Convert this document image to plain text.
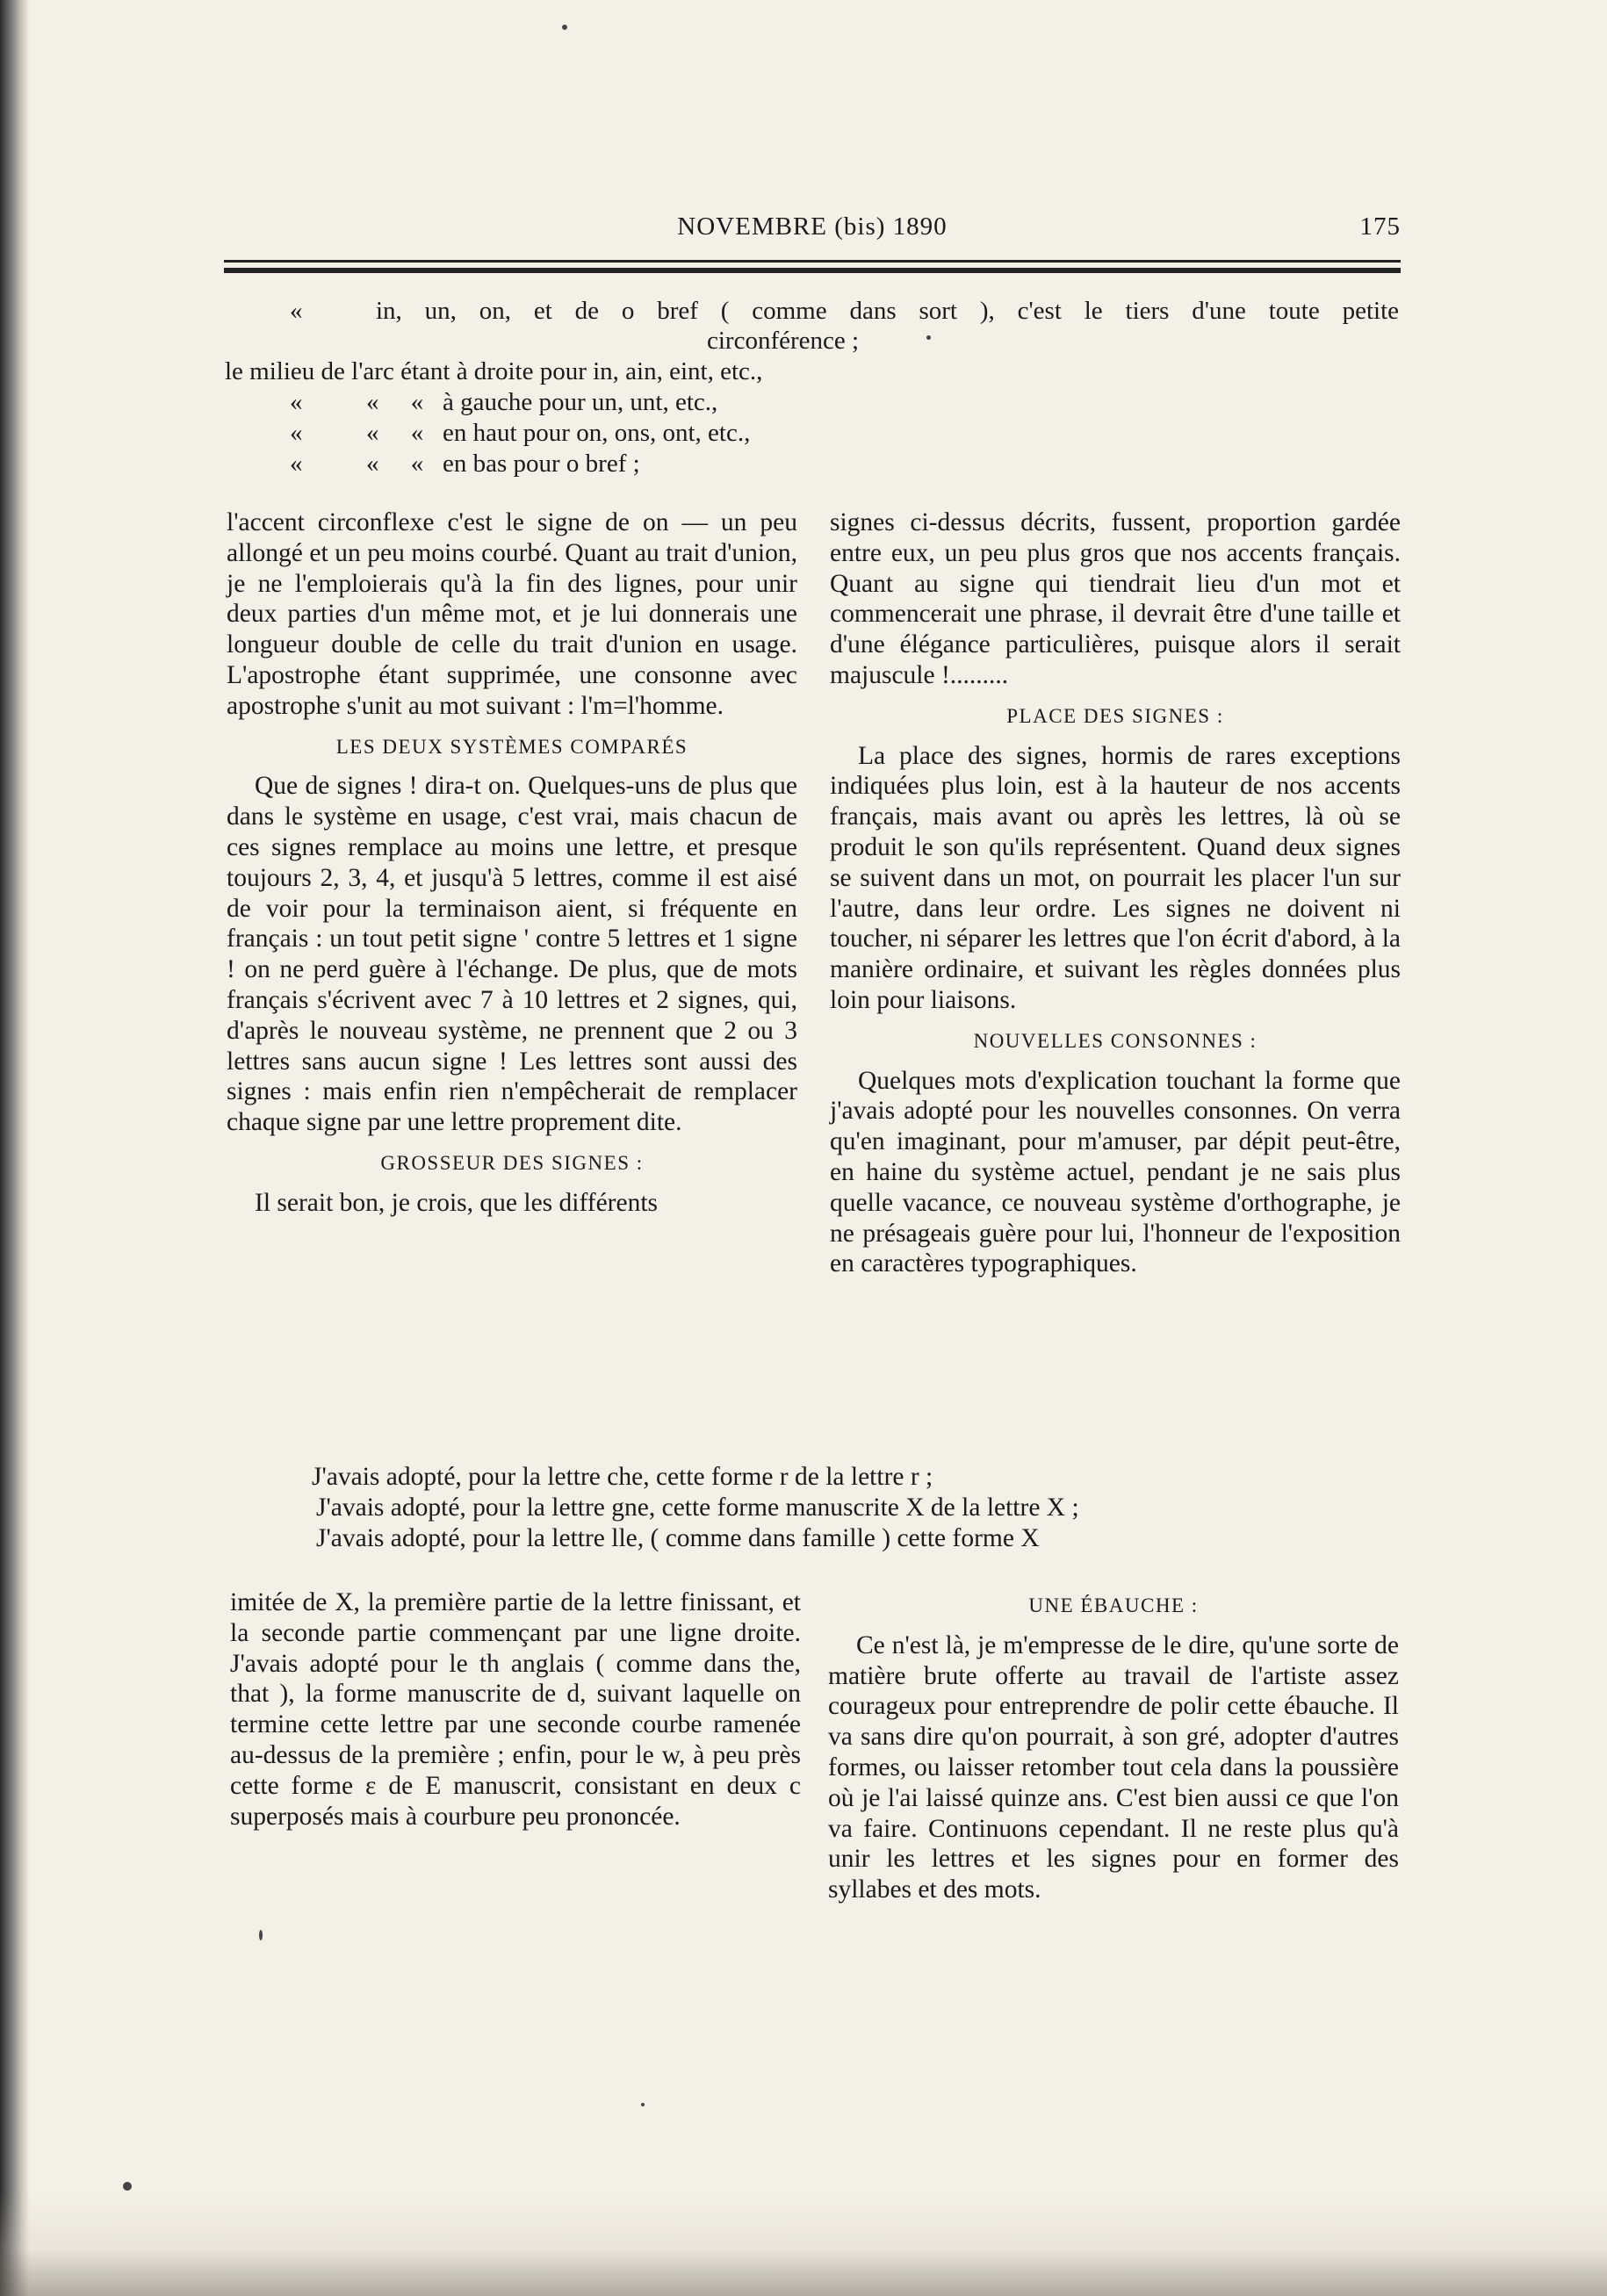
NOVEMBRE (bis) 1890	175
«	in, un, on, et de o bref ( comme dans sort ), c'est le tiers d'une toute petite
circonférence ;
le milieu de l'arc étant à droite pour in, ain, eint, etc.,
«          «     «   à gauche pour un, unt, etc.,
«          «     «   en haut pour on, ons, ont, etc.,
«          «     «   en bas pour o bref ;

l'accent circonflexe c'est le signe de on — un peu allongé et un peu moins courbé. Quant au trait d'union, je ne l'emploierais qu'à la fin des lignes, pour unir deux parties d'un même mot, et je lui donnerais une longueur double de celle du trait d'union en usage. L'apostrophe étant supprimée, une consonne avec apostrophe s'unit au mot suivant : l'm=l'homme.

LES DEUX SYSTÈMES COMPARÉS

Que de signes ! dira-t on. Quelques-uns de plus que dans le système en usage, c'est vrai, mais chacun de ces signes remplace au moins une lettre, et presque toujours 2, 3, 4, et jusqu'à 5 lettres, comme il est aisé de voir pour la terminaison aient, si fréquente en français : un tout petit signe ' contre 5 lettres et 1 signe ! on ne perd guère à l'échange. De plus, que de mots français s'écrivent avec 7 à 10 lettres et 2 signes, qui, d'après le nouveau système, ne prennent que 2 ou 3 lettres sans aucun signe ! Les lettres sont aussi des signes : mais enfin rien n'empêcherait de remplacer chaque signe par une lettre proprement dite.

GROSSEUR DES SIGNES :

Il serait bon, je crois, que les différents

signes ci-dessus décrits, fussent, proportion gardée entre eux, un peu plus gros que nos accents français. Quant au signe qui tiendrait lieu d'un mot et commencerait une phrase, il devrait être d'une taille et d'une élégance particulières, puisque alors il serait majuscule !.........

PLACE DES SIGNES :

La place des signes, hormis de rares exceptions indiquées plus loin, est à la hauteur de nos accents français, mais avant ou après les lettres, là où se produit le son qu'ils représentent. Quand deux signes se suivent dans un mot, on pourrait les placer l'un sur l'autre, dans leur ordre. Les signes ne doivent ni toucher, ni séparer les lettres que l'on écrit d'abord, à la manière ordinaire, et suivant les règles données plus loin pour liaisons.

NOUVELLES CONSONNES :

Quelques mots d'explication touchant la forme que j'avais adopté pour les nouvelles consonnes. On verra qu'en imaginant, pour m'amuser, par dépit peut-être, en haine du système actuel, pendant je ne sais plus quelle vacance, ce nouveau système d'orthographe, je ne présageais guère pour lui, l'honneur de l'exposition en caractères typographiques.

J'avais adopté, pour la lettre che, cette forme r de la lettre r ;
J'avais adopté, pour la lettre gne, cette forme manuscrite X de la lettre X ;
J'avais adopté, pour la lettre lle, ( comme dans famille ) cette forme X

imitée de X, la première partie de la lettre finissant, et la seconde partie commençant par une ligne droite. J'avais adopté pour le th anglais ( comme dans the, that ), la forme manuscrite de d, suivant laquelle on termine cette lettre par une seconde courbe ramenée au-dessus de la première ; enfin, pour le w, à peu près cette forme ε de E manuscrit, consistant en deux c superposés mais à courbure peu prononcée.

UNE ÉBAUCHE :

Ce n'est là, je m'empresse de le dire, qu'une sorte de matière brute offerte au travail de l'artiste assez courageux pour entreprendre de polir cette ébauche. Il va sans dire qu'on pourrait, à son gré, adopter d'autres formes, ou laisser retomber tout cela dans la poussière où je l'ai laissé quinze ans. C'est bien aussi ce que l'on va faire. Continuons cependant. Il ne reste plus qu'à unir les lettres et les signes pour en former des syllabes et des mots.
